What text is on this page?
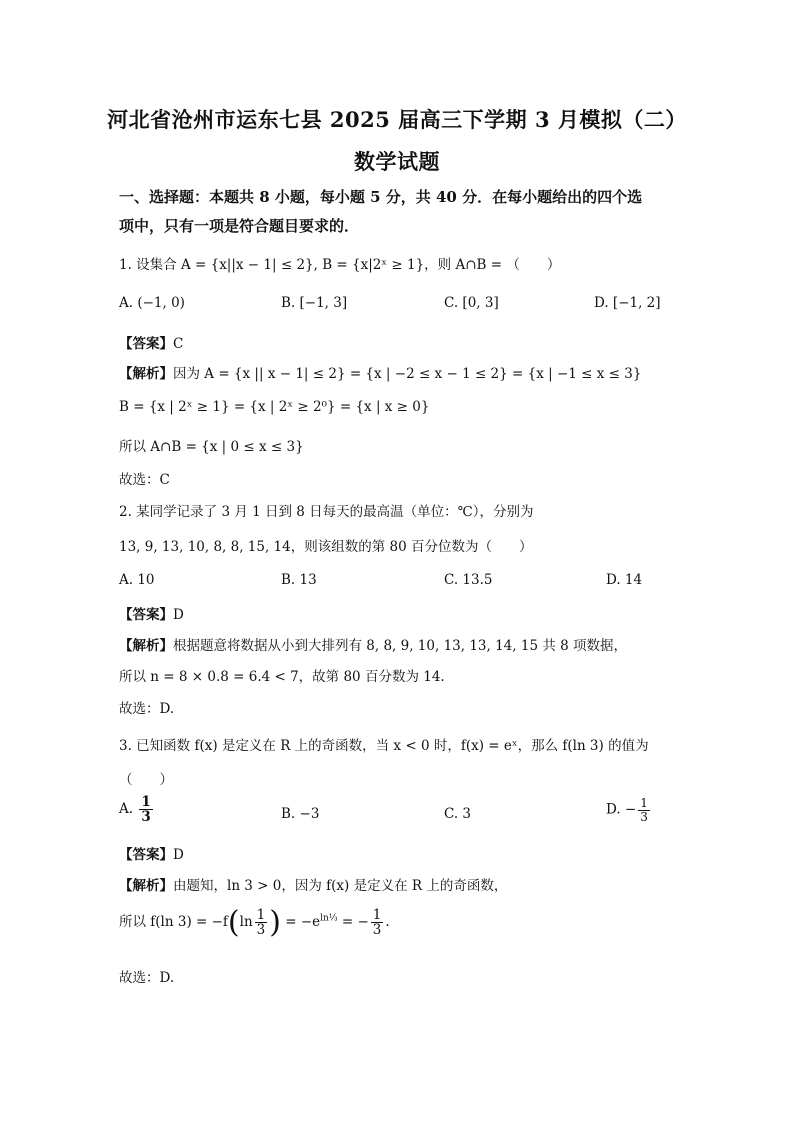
河北省沧州市运东七县 2025 届高三下学期 3 月模拟（二）
数学试题
一、选择题：本题共 8 小题，每小题 5 分，共 40 分．在每小题给出的四个选
项中，只有一项是符合题目要求的．
1. 设集合 A = {x||x − 1| ≤ 2}, B = {x|2ˣ ≥ 1}，则 A∩B = （　　）
A. (−1, 0)	B. [−1, 3]	C. [0, 3]	D. [−1, 2]
【答案】C
【解析】因为 A = {x || x − 1| ≤ 2} = {x | −2 ≤ x − 1 ≤ 2} = {x | −1 ≤ x ≤ 3}
B = {x | 2ˣ ≥ 1} = {x | 2ˣ ≥ 2⁰} = {x | x ≥ 0}
所以 A∩B = {x | 0 ≤ x ≤ 3}
故选：C
2. 某同学记录了 3 月 1 日到 8 日每天的最高温（单位：℃），分别为
13, 9, 13, 10, 8, 8, 15, 14，则该组数的第 80 百分位数为（　　）
A. 10	B. 13	C. 13.5	D. 14
【答案】D
【解析】根据题意将数据从小到大排列有 8, 8, 9, 10, 13, 13, 14, 15 共 8 项数据，
所以 n = 8 × 0.8 = 6.4 < 7，故第 80 百分数为 14.
故选：D.
3. 已知函数 f(x) 是定义在 R 上的奇函数，当 x < 0 时，f(x) = eˣ，那么 f(ln 3) 的值为
（　　）
A. $\frac{1}{3}$	B. −3	C. 3	D. − $\frac{1}{3}$
【答案】D
【解析】由题知，ln 3 > 0，因为 f(x) 是定义在 R 上的奇函数，
所以 f(ln $3) = -f(\ln \frac{1}{3}$ ) = $-e^{ln\frac{1}{3}}$ = − $\frac{1}{3}$ .
故选：D.
